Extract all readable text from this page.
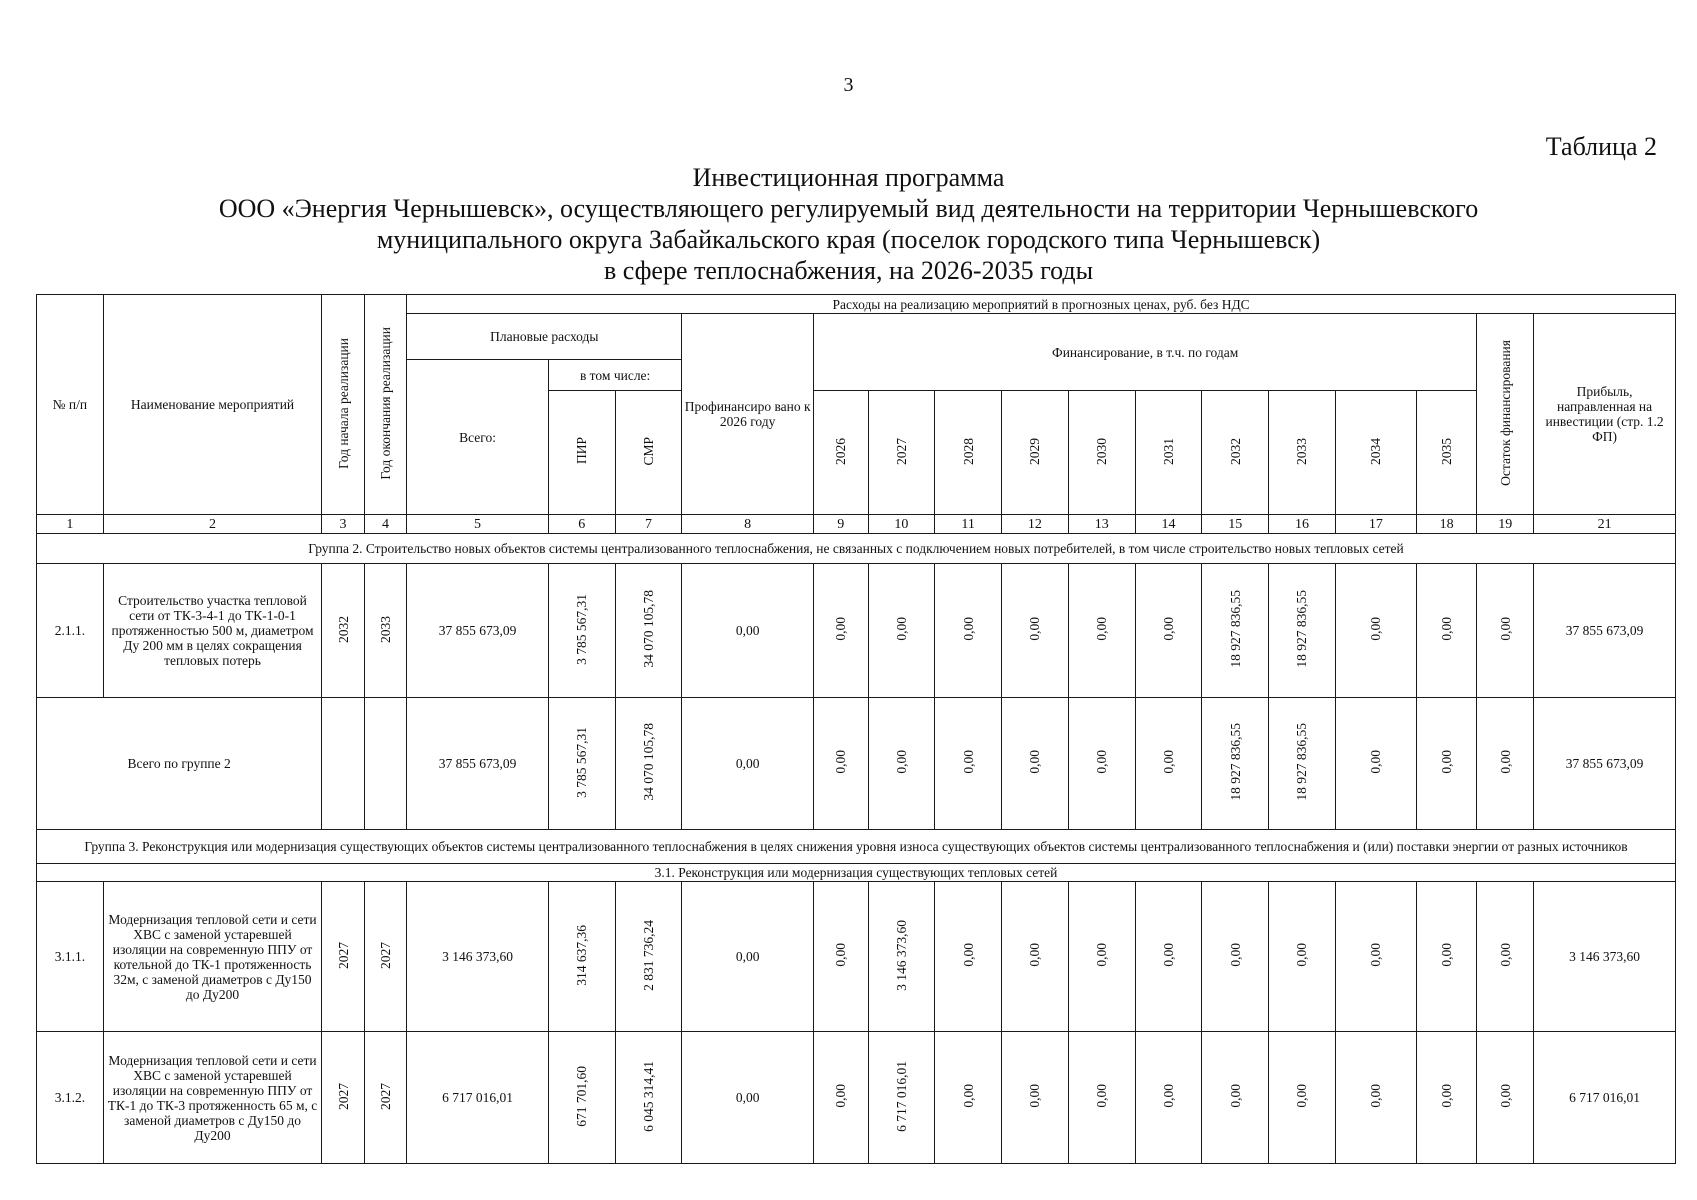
3
Таблица 2
Инвестиционная программа
ООО «Энергия Чернышевск», осуществляющего регулируемый вид деятельности на территории Чернышевского
муниципального округа Забайкальского края (поселок городского типа Чернышевск)
в сфере теплоснабжения, на 2026-2035 годы
№ п/п	Наименование мероприятий	Год начала реализации	Год окончания реализации	Расходы на реализацию мероприятий в прогнозных ценах, руб. без НДС															
				Плановые расходы			Профинансиро вано к 2026 году	Финансирование, в т.ч. по годам										Остаток финансирования	Прибыль, направленная на инвестиции (стр. 1.2 ФП)
				Всего:	в том числе:														
					ПИР	СМР		2026	2027	2028	2029	2030	2031	2032	2033	2034	2035		
1	2	3	4	5	6	7	8	9	10	11	12	13	14	15	16	17	18	19	21
Группа 2. Строительство новых объектов системы централизованного теплоснабжения, не связанных с подключением новых потребителей, в том числе строительство новых тепловых сетей																			
2.1.1.	Строительство участка тепловой сети от ТК-3-4-1 до ТК-1-0-1 протяженностью 500 м, диаметром Ду 200 мм в целях сокращения тепловых потерь	2032	2033	37 855 673,09	3 785 567,31	34 070 105,78	0,00	0,00	0,00	0,00	0,00	0,00	0,00	18 927 836,55	18 927 836,55	0,00	0,00	0,00	37 855 673,09
Всего по группе 2				37 855 673,09	3 785 567,31	34 070 105,78	0,00	0,00	0,00	0,00	0,00	0,00	0,00	18 927 836,55	18 927 836,55	0,00	0,00	0,00	37 855 673,09
Группа 3. Реконструкция или модернизация существующих объектов системы централизованного теплоснабжения в целях снижения уровня износа существующих объектов системы централизованного теплоснабжения и (или) поставки энергии от разных источников																			
3.1. Реконструкция или модернизация существующих тепловых сетей																			
3.1.1.	Модернизация тепловой сети и сети ХВС с заменой устаревшей изоляции на современную ППУ от котельной до ТК-1 протяженность 32м, с заменой диаметров с Ду150 до Ду200	2027	2027	3 146 373,60	314 637,36	2 831 736,24	0,00	0,00	3 146 373,60	0,00	0,00	0,00	0,00	0,00	0,00	0,00	0,00	0,00	3 146 373,60
3.1.2.	Модернизация тепловой сети и сети ХВС с заменой устаревшей изоляции на современную ППУ от ТК-1 до ТК-3 протяженность 65 м, с заменой диаметров с Ду150 до Ду200	2027	2027	6 717 016,01	671 701,60	6 045 314,41	0,00	0,00	6 717 016,01	0,00	0,00	0,00	0,00	0,00	0,00	0,00	0,00	0,00	6 717 016,01
